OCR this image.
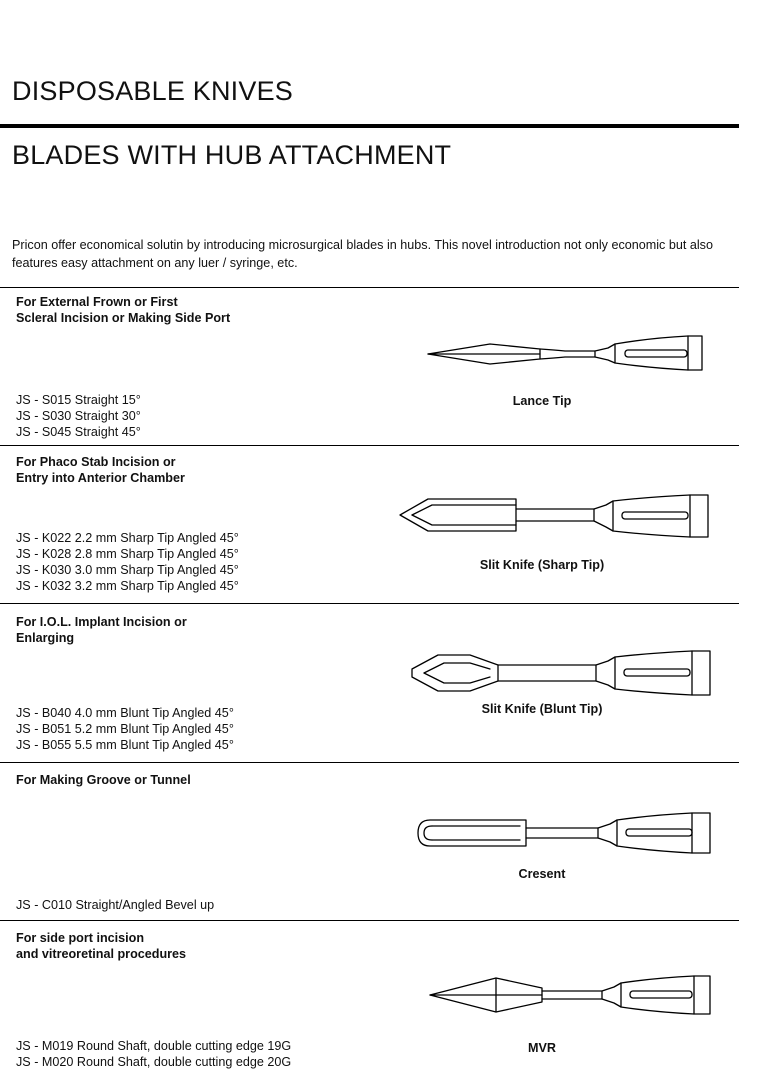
DISPOSABLE KNIVES
BLADES WITH HUB ATTACHMENT
Pricon offer economical solutin by introducing microsurgical blades in hubs. This novel introduction not only economic but also features easy attachment on any luer / syringe, etc.
For External Frown or First
Scleral Incision or Making Side Port
JS - S015 Straight 15°
JS - S030 Straight 30°
JS - S045 Straight 45°
Lance Tip
For Phaco Stab Incision or
Entry into Anterior Chamber
JS - K022 2.2 mm Sharp Tip Angled 45°
JS - K028 2.8 mm Sharp Tip Angled 45°
JS - K030 3.0 mm Sharp Tip Angled 45°
JS - K032 3.2 mm Sharp Tip Angled 45°
Slit Knife (Sharp Tip)
For I.O.L. Implant Incision or
Enlarging
JS - B040 4.0 mm Blunt Tip Angled 45°
JS - B051 5.2 mm Blunt Tip Angled 45°
JS - B055 5.5 mm Blunt Tip Angled 45°
Slit Knife (Blunt Tip)
For Making Groove or Tunnel
JS - C010 Straight/Angled Bevel up
Cresent
For side port incision
and vitreoretinal procedures
JS - M019 Round Shaft, double cutting edge 19G
JS - M020 Round Shaft, double cutting edge 20G
MVR
